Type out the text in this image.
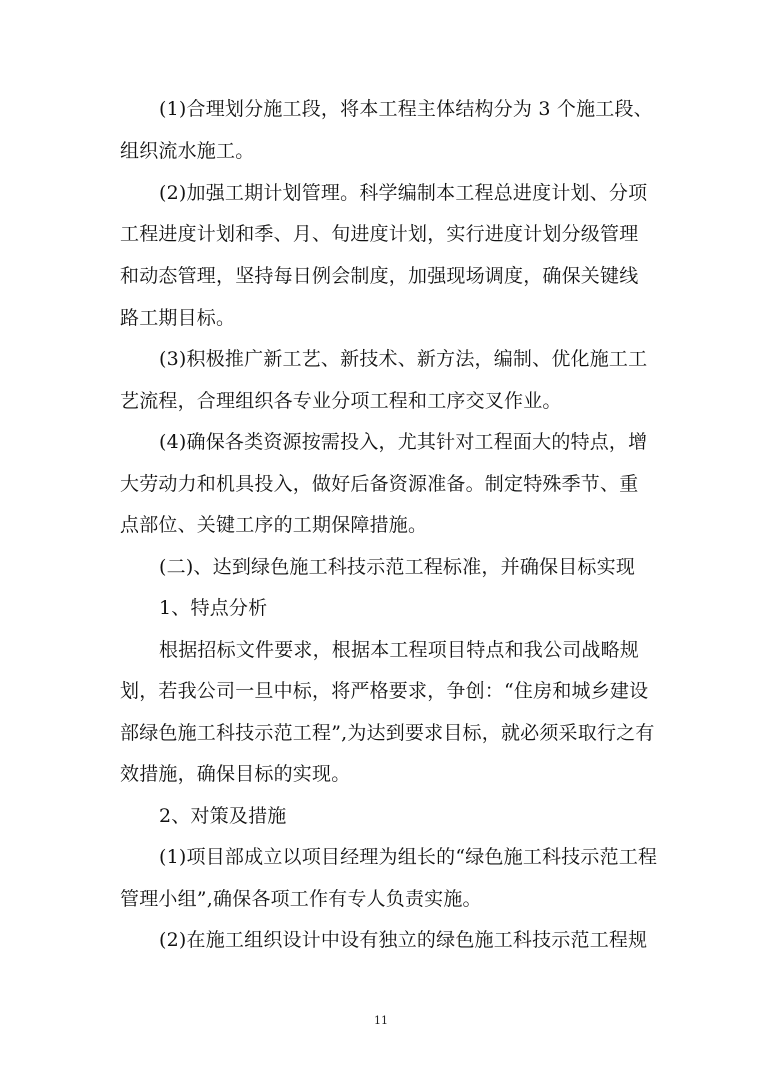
(1)合理划分施工段，将本工程主体结构分为 3 个施工段、
组织流水施工。
(2)加强工期计划管理。科学编制本工程总进度计划、分项
工程进度计划和季、月、旬进度计划，实行进度计划分级管理
和动态管理，坚持每日例会制度，加强现场调度，确保关键线
路工期目标。
(3)积极推广新工艺、新技术、新方法，编制、优化施工工
艺流程，合理组织各专业分项工程和工序交叉作业。
(4)确保各类资源按需投入，尤其针对工程面大的特点，增
大劳动力和机具投入，做好后备资源准备。制定特殊季节、重
点部位、关键工序的工期保障措施。
(二)、达到绿色施工科技示范工程标准，并确保目标实现
1、特点分析
根据招标文件要求，根据本工程项目特点和我公司战略规
划，若我公司一旦中标，将严格要求，争创：“住房和城乡建设
部绿色施工科技示范工程”,为达到要求目标，就必须采取行之有
效措施，确保目标的实现。
2、对策及措施
(1)项目部成立以项目经理为组长的“绿色施工科技示范工程
管理小组”,确保各项工作有专人负责实施。
(2)在施工组织设计中设有独立的绿色施工科技示范工程规
11
